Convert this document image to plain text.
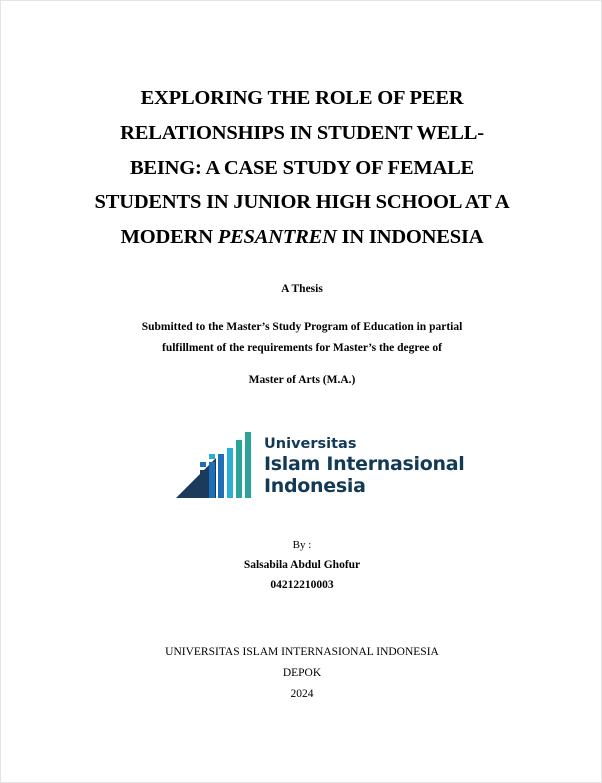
EXPLORING THE ROLE OF PEER
RELATIONSHIPS IN STUDENT WELL-
BEING: A CASE STUDY OF FEMALE
STUDENTS IN JUNIOR HIGH SCHOOL AT A
MODERN PESANTREN IN INDONESIA
A Thesis
Submitted to the Master’s Study Program of Education in partial
fulfillment of the requirements for Master’s the degree of
Master of Arts (M.A.)
Universitas
Islam Internasional
Indonesia
By :
Salsabila Abdul Ghofur
04212210003
UNIVERSITAS ISLAM INTERNASIONAL INDONESIA
DEPOK
2024
